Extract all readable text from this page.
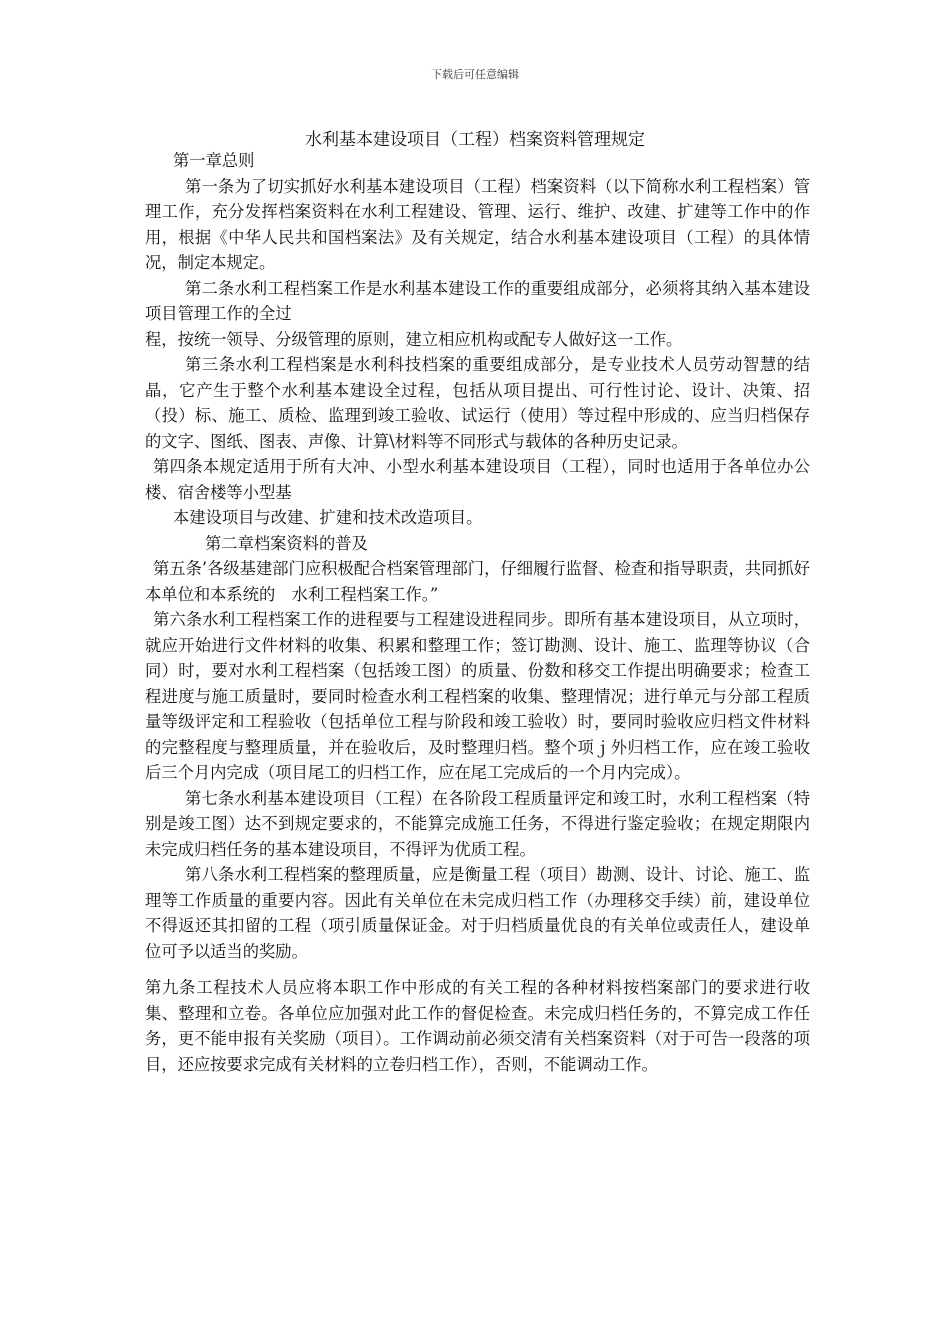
下载后可任意编辑
水利基本建设项目（工程）档案资料管理规定

第一章总则

第一条为了切实抓好水利基本建设项目（工程）档案资料（以下简称水利工程档案）管理工作，充分发挥档案资料在水利工程建设、管理、运行、维护、改建、扩建等工作中的作用，根据《中华人民共和国档案法》及有关规定，结合水利基本建设项目（工程）的具体情况，制定本规定。

第二条水利工程档案工作是水利基本建设工作的重要组成部分，必须将其纳入基本建设项目管理工作的全过

程，按统一领导、分级管理的原则，建立相应机构或配专人做好这一工作。

第三条水利工程档案是水利科技档案的重要组成部分，是专业技术人员劳动智慧的结晶，它产生于整个水利基本建设全过程，包括从项目提出、可行性讨论、设计、决策、招（投）标、施工、质检、监理到竣工验收、试运行（使用）等过程中形成的、应当归档保存的文字、图纸、图表、声像、计算\材料等不同形式与载体的各种历史记录。

第四条本规定适用于所有大冲、小型水利基本建设项目（工程），同时也适用于各单位办公楼、宿舍楼等小型基

本建设项目与改建、扩建和技术改造项目。

第二章档案资料的普及

第五条’各级基建部门应积极配合档案管理部门，仔细履行监督、检查和指导职责，共同抓好本单位和本系统的　水利工程档案工作。”

第六条水利工程档案工作的进程要与工程建设进程同步。即所有基本建设项目，从立项时，就应开始进行文件材料的收集、积累和整理工作；签订勘测、设计、施工、监理等协议（合同）时，要对水利工程档案（包括竣工图）的质量、份数和移交工作提出明确要求；检查工程进度与施工质量时，要同时检查水利工程档案的收集、整理情况；进行单元与分部工程质量等级评定和工程验收（包括单位工程与阶段和竣工验收）时，要同时验收应归档文件材料的完整程度与整理质量，并在验收后，及时整理归档。整个项ｊ外归档工作，应在竣工验收后三个月内完成（项目尾工的归档工作，应在尾工完成后的一个月内完成）。

第七条水利基本建设项目（工程）在各阶段工程质量评定和竣工时，水利工程档案（特别是竣工图）达不到规定要求的，不能算完成施工任务，不得进行鉴定验收；在规定期限内未完成归档任务的基本建设项目，不得评为优质工程。

第八条水利工程档案的整理质量，应是衡量工程（项目）勘测、设计、讨论、施工、监理等工作质量的重要内容。因此有关单位在未完成归档工作（办理移交手续）前，建设单位不得返还其扣留的工程（项引质量保证金。对于归档质量优良的有关单位或责任人，建设单位可予以适当的奖励。

第九条工程技术人员应将本职工作中形成的有关工程的各种材料按档案部门的要求进行收集、整理和立卷。各单位应加强对此工作的督促检查。未完成归档任务的，不算完成工作任务，更不能申报有关奖励（项目）。工作调动前必须交清有关档案资料（对于可告一段落的项目，还应按要求完成有关材料的立卷归档工作），否则，不能调动工作。
